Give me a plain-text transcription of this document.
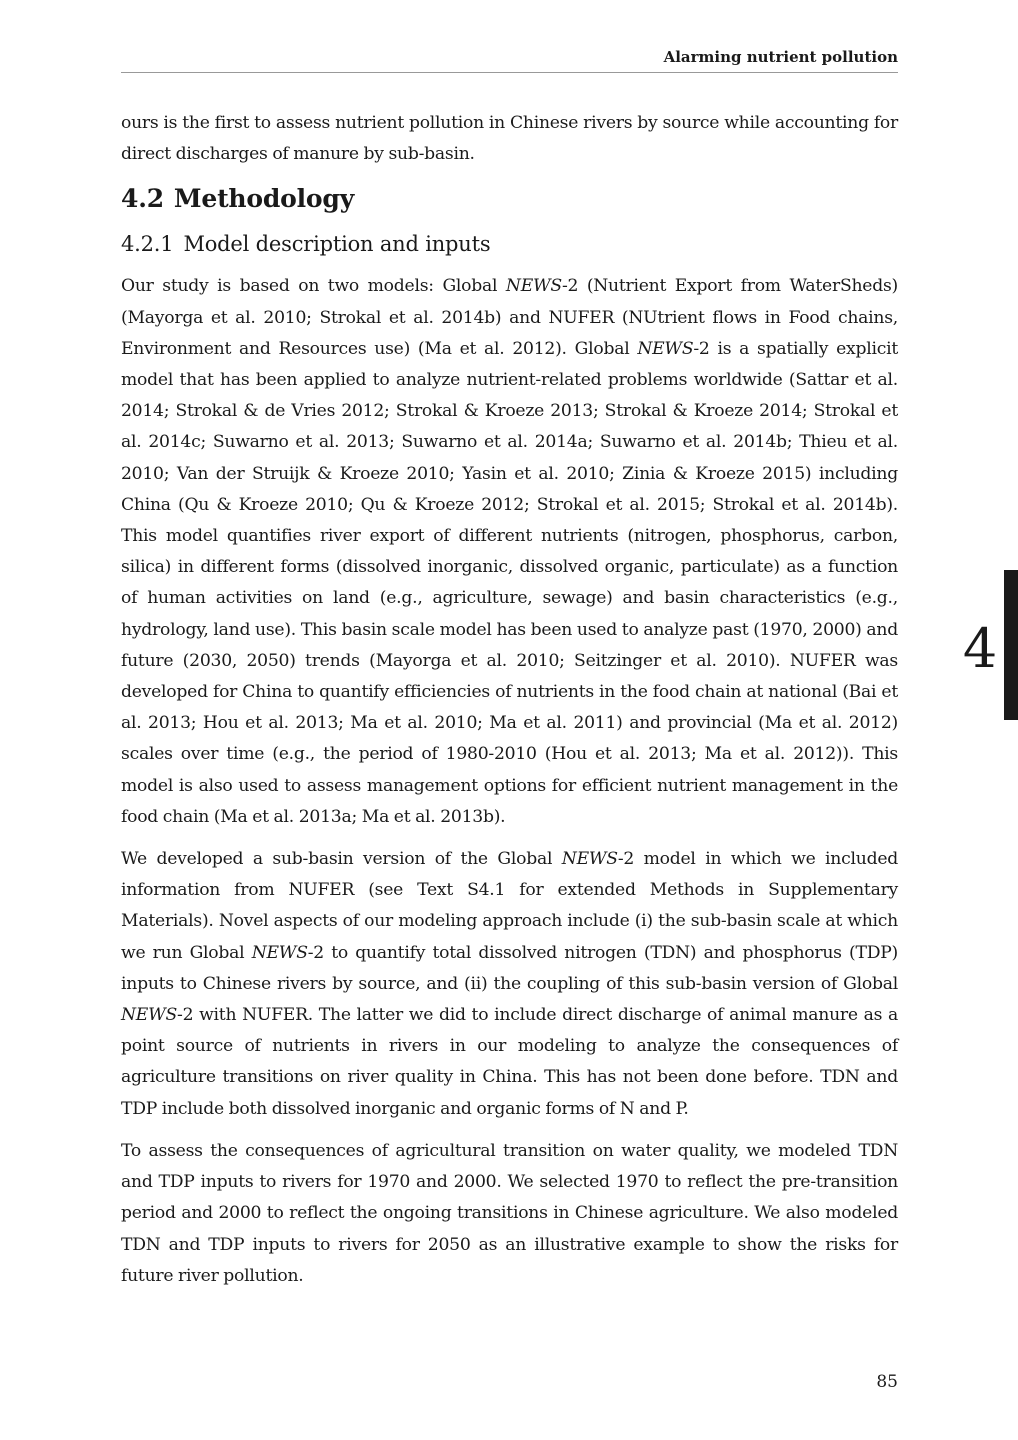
Alarming nutrient pollution

ours is the first to assess nutrient pollution in Chinese rivers by source while accounting for direct discharges of manure by sub-basin.

4.2 Methodology
4.2.1 Model description and inputs

Our study is based on two models: Global NEWS-2 (Nutrient Export from WaterSheds) (Mayorga et al. 2010; Strokal et al. 2014b) and NUFER (NUtrient flows in Food chains, Environment and Resources use) (Ma et al. 2012). Global NEWS-2 is a spatially explicit model that has been applied to analyze nutrient-related problems worldwide (Sattar et al. 2014; Strokal & de Vries 2012; Strokal & Kroeze 2013; Strokal & Kroeze 2014; Strokal et al. 2014c; Suwarno et al. 2013; Suwarno et al. 2014a; Suwarno et al. 2014b; Thieu et al. 2010; Van der Struijk & Kroeze 2010; Yasin et al. 2010; Zinia & Kroeze 2015) including China (Qu & Kroeze 2010; Qu & Kroeze 2012; Strokal et al. 2015; Strokal et al. 2014b). This model quantifies river export of different nutrients (nitrogen, phosphorus, carbon, silica) in different forms (dissolved inorganic, dissolved organic, particulate) as a function of human activities on land (e.g., agriculture, sewage) and basin characteristics (e.g., hydrology, land use). This basin scale model has been used to analyze past (1970, 2000) and future (2030, 2050) trends (Mayorga et al. 2010; Seitzinger et al. 2010). NUFER was developed for China to quantify efficiencies of nutrients in the food chain at national (Bai et al. 2013; Hou et al. 2013; Ma et al. 2010; Ma et al. 2011) and provincial (Ma et al. 2012) scales over time (e.g., the period of 1980-2010 (Hou et al. 2013; Ma et al. 2012)). This model is also used to assess management options for efficient nutrient management in the food chain (Ma et al. 2013a; Ma et al. 2013b).

We developed a sub-basin version of the Global NEWS-2 model in which we included information from NUFER (see Text S4.1 for extended Methods in Supplementary Materials). Novel aspects of our modeling approach include (i) the sub-basin scale at which we run Global NEWS-2 to quantify total dissolved nitrogen (TDN) and phosphorus (TDP) inputs to Chinese rivers by source, and (ii) the coupling of this sub-basin version of Global NEWS-2 with NUFER. The latter we did to include direct discharge of animal manure as a point source of nutrients in rivers in our modeling to analyze the consequences of agriculture transitions on river quality in China. This has not been done before. TDN and TDP include both dissolved inorganic and organic forms of N and P.

To assess the consequences of agricultural transition on water quality, we modeled TDN and TDP inputs to rivers for 1970 and 2000. We selected 1970 to reflect the pre-transition period and 2000 to reflect the ongoing transitions in Chinese agriculture. We also modeled TDN and TDP inputs to rivers for 2050 as an illustrative example to show the risks for future river pollution.

4
85
